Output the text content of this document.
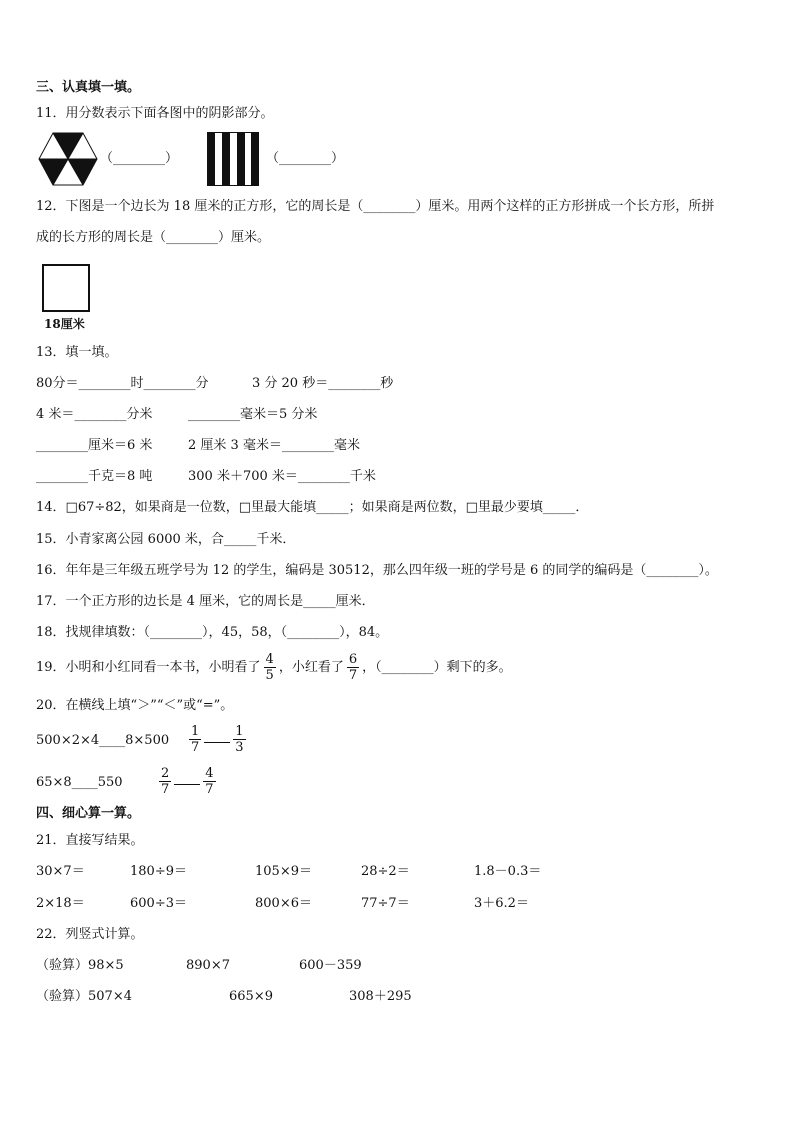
三、认真填一填。
11．用分数表示下面各图中的阴影部分。
（________）	（________）
12．下图是一个边长为 18 厘米的正方形，它的周长是（________）厘米。用两个这样的正方形拼成一个长方形，所拼
成的长方形的周长是（________）厘米。
18厘米
13．填一填。
80分＝________时________分	3 分 20 秒＝________秒
4 米＝________分米	________毫米＝5 分米
________厘米＝6 米	2 厘米 3 毫米＝________毫米
________千克＝8 吨	300 米＋700 米＝________千米
14．□67÷82，如果商是一位数，□里最大能填_____；如果商是两位数，□里最少要填_____．
15．小青家离公园 6000 米，合_____千米．
16．年年是三年级五班学号为 12 的学生，编码是 30512，那么四年级一班的学号是 6 的同学的编码是（________）。
17．一个正方形的边长是 4 厘米，它的周长是_____厘米．
18．找规律填数：（________），45，58，（________），84。
19．小明和小红同看一本书，小明看了 $\frac{4}{5}$ ，小红看了 $\frac{6}{7}$ ，（________）剩下的多。
20．在横线上填“＞”“＜”或“=”。
500×2×4____8×500 $\frac{1}{7} \frac{1}{3}$
65×8____550	$\frac{2}{7} \frac{4}{7}$
四、细心算一算。
21．直接写结果。
30×7＝	180÷9＝	105×9＝	28÷2＝	1.8－0.3＝
2×18＝	600÷3＝	800×6＝	77÷7＝	3＋6.2＝
22．列竖式计算。
（验算）98×5	890×7	600－359
（验算）507×4	665×9	308＋295
